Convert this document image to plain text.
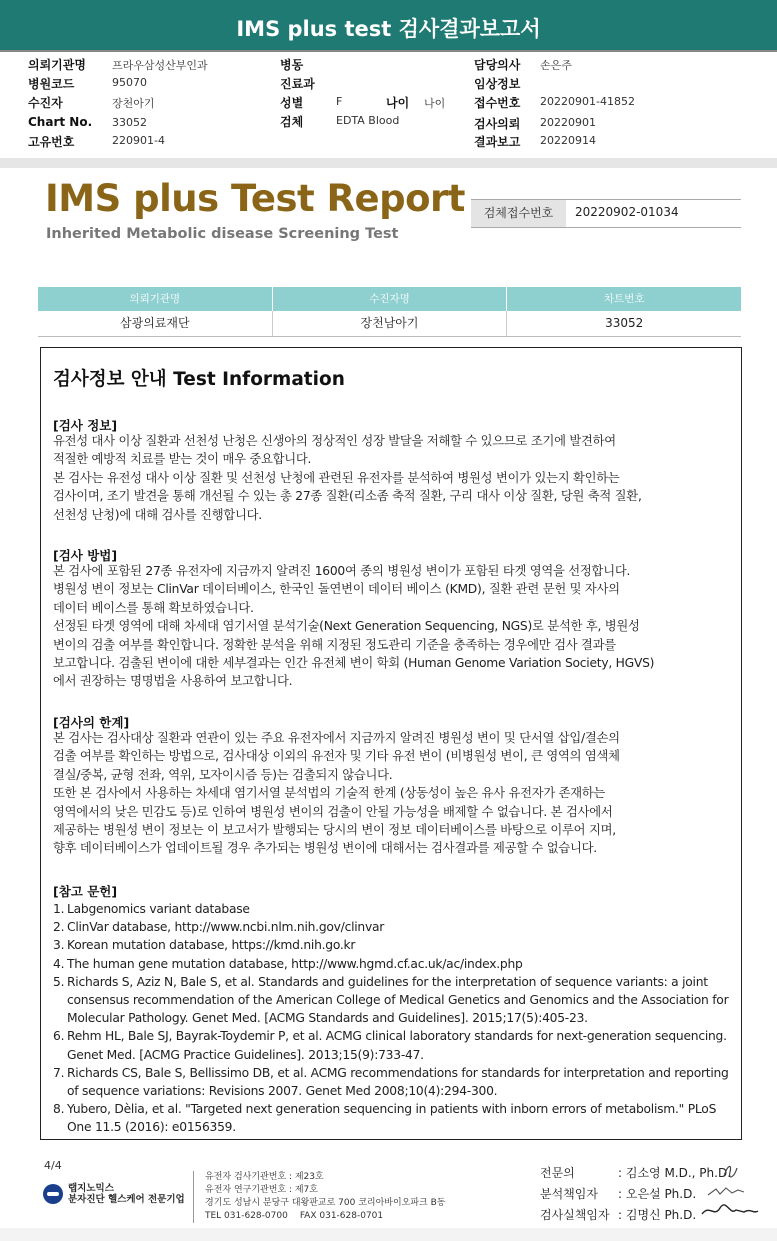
IMS plus test 검사결과보고서
의뢰기관명 프라우삼성산부인과
병원코드	95070
수진자	장천아기
Chart No. 33052
고유번호	220901-4
병동
진료과
성별	F	나이 나이
검체	EDTA Blood
담당의사 손은주
임상정보
접수번호 20220901-41852
검사의뢰 20220901
결과보고 20220914
IMS plus Test Report
Inherited Metabolic disease Screening Test
검체접수번호	20220902-01034
의뢰기관명	수진자명	차트번호
삼광의료재단	장천남아기	33052
검사정보 안내 Test Information
[검사 정보]
유전성 대사 이상 질환과 선천성 난청은 신생아의 정상적인 성장 발달을 저해할 수 있으므로 조기에 발견하여
적절한 예방적 치료를 받는 것이 매우 중요합니다.
본 검사는 유전성 대사 이상 질환 및 선천성 난청에 관련된 유전자를 분석하여 병원성 변이가 있는지 확인하는
검사이며, 조기 발견을 통해 개선될 수 있는 총 27종 질환(리소좀 축적 질환, 구리 대사 이상 질환, 당원 축적 질환,
선천성 난청)에 대해 검사를 진행합니다.
[검사 방법]
본 검사에 포함된 27종 유전자에 지금까지 알려진 1600여 종의 병원성 변이가 포함된 타겟 영역을 선정합니다.
병원성 변이 정보는 ClinVar 데이터베이스, 한국인 돌연변이 데이터 베이스 (KMD), 질환 관련 문헌 및 자사의
데이터 베이스를 통해 확보하였습니다.
선정된 타겟 영역에 대해 차세대 염기서열 분석기술(Next Generation Sequencing, NGS)로 분석한 후, 병원성
변이의 검출 여부를 확인합니다. 정확한 분석을 위해 지정된 정도관리 기준을 충족하는 경우에만 검사 결과를
보고합니다. 검출된 변이에 대한 세부결과는 인간 유전체 변이 학회 (Human Genome Variation Society, HGVS)
에서 권장하는 명명법을 사용하여 보고합니다.
[검사의 한계]
본 검사는 검사대상 질환과 연관이 있는 주요 유전자에서 지금까지 알려진 병원성 변이 및 단서열 삽입/결손의
검출 여부를 확인하는 방법으로, 검사대상 이외의 유전자 및 기타 유전 변이 (비병원성 변이, 큰 영역의 염색체
결실/중복, 균형 전좌, 역위, 모자이시즘 등)는 검출되지 않습니다.
또한 본 검사에서 사용하는 차세대 염기서열 분석법의 기술적 한계 (상동성이 높은 유사 유전자가 존재하는
영역에서의 낮은 민감도 등)로 인하여 병원성 변이의 검출이 안될 가능성을 배제할 수 없습니다. 본 검사에서
제공하는 병원성 변이 정보는 이 보고서가 발행되는 당시의 변이 정보 데이터베이스를 바탕으로 이루어 지며,
향후 데이터베이스가 업데이트될 경우 추가되는 병원성 변이에 대해서는 검사결과를 제공할 수 없습니다.
[참고 문헌]
1. Labgenomics variant database
2. ClinVar database, http://www.ncbi.nlm.nih.gov/clinvar
3. Korean mutation database, https://kmd.nih.go.kr
4. The human gene mutation database, http://www.hgmd.cf.ac.uk/ac/index.php
5. Richards S, Aziz N, Bale S, et al. Standards and guidelines for the interpretation of sequence variants: a joint consensus recommendation of the American College of Medical Genetics and Genomics and the Association for Molecular Pathology. Genet Med. [ACMG Standards and Guidelines]. 2015;17(5):405-23.
6. Rehm HL, Bale SJ, Bayrak-Toydemir P, et al. ACMG clinical laboratory standards for next-generation sequencing. Genet Med. [ACMG Practice Guidelines]. 2013;15(9):733-47.
7. Richards CS, Bale S, Bellissimo DB, et al. ACMG recommendations for standards for interpretation and reporting of sequence variations: Revisions 2007. Genet Med 2008;10(4):294-300.
8. Yubero, Dèlia, et al. "Targeted next generation sequencing in patients with inborn errors of metabolism." PLoS One 11.5 (2016): e0156359.
4/4
랩지노믹스
분자진단 헬스케어 전문기업
유전자 검사기관번호 : 제23호
유전자 연구기관번호 : 제7호
경기도 성남시 분당구 대왕판교로 700 코리아바이오파크 B동
TEL 031-628-0700 FAX 031-628-0701
전문의	: 김소영 M.D., Ph.D.
분석책임자 : 오은설 Ph.D.
검사실책임자 : 김명신 Ph.D.
